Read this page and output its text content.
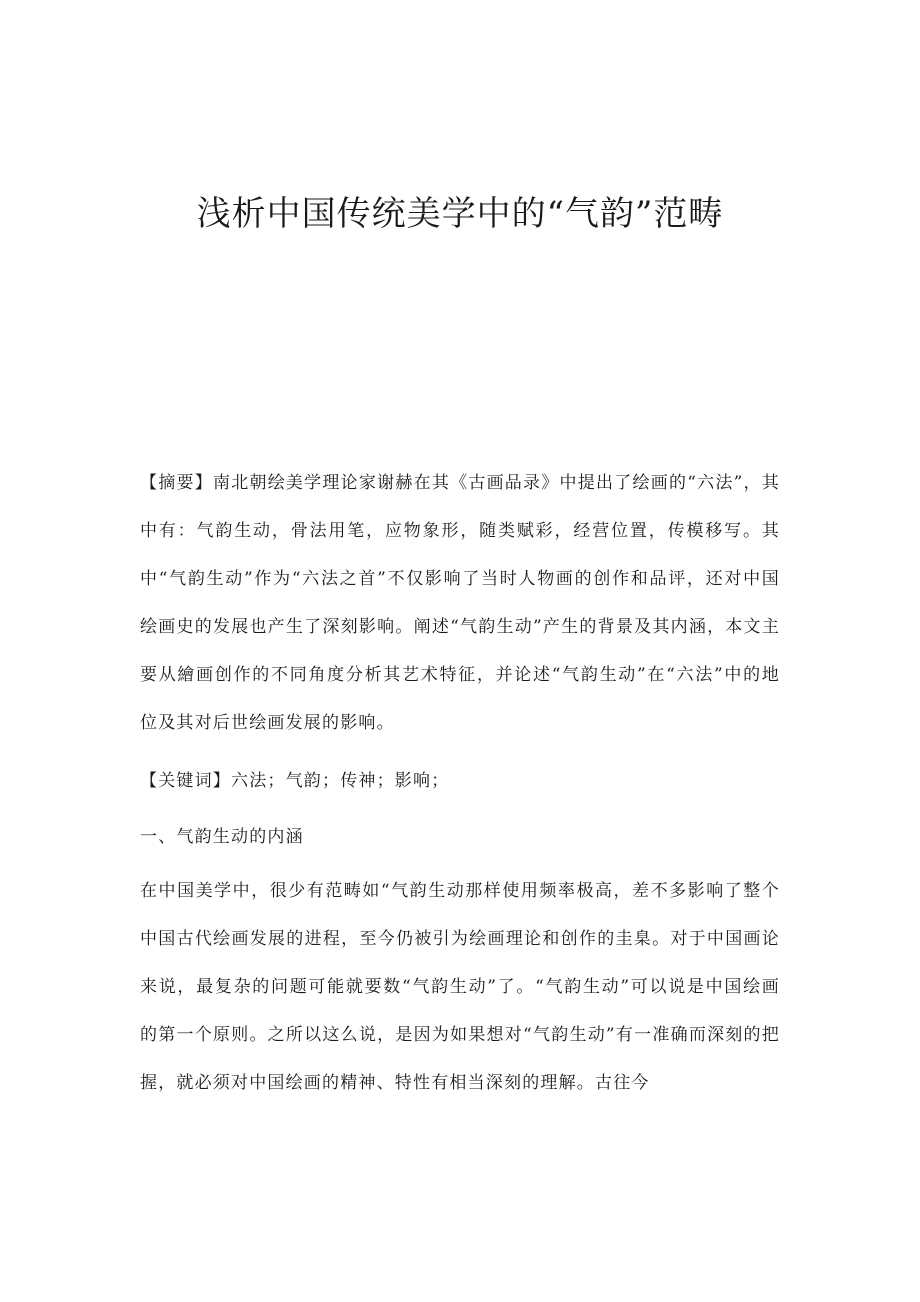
浅析中国传统美学中的“气韵”范畴

【摘要】南北朝绘美学理论家谢赫在其《古画品录》中提出了绘画的“六法”，其中有：气韵生动，骨法用笔，应物象形，随类赋彩，经营位置，传模移写。其中“气韵生动”作为“六法之首”不仅影响了当时人物画的创作和品评，还对中国绘画史的发展也产生了深刻影响。阐述“气韵生动”产生的背景及其内涵，本文主要从繪画创作的不同角度分析其艺术特征，并论述“气韵生动”在“六法”中的地位及其对后世绘画发展的影响。

【关键词】六法；气韵；传神；影响；

一、气韵生动的内涵

在中国美学中，很少有范畴如“气韵生动那样使用频率极高，差不多影响了整个中国古代绘画发展的进程，至今仍被引为绘画理论和创作的圭臬。对于中国画论来说，最复杂的问题可能就要数“气韵生动”了。“气韵生动”可以说是中国绘画的第一个原则。之所以这么说，是因为如果想对“气韵生动”有一准确而深刻的把握，就必须对中国绘画的精神、特性有相当深刻的理解。古往今
